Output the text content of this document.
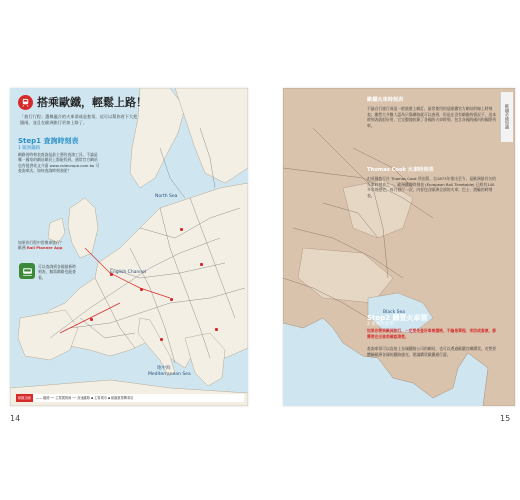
搭乘歐鐵，輕鬆上路！
「旅行行程」選擇適合的火車票或是套票，這可以幫你省下大把銀兩，並且在歐洲旅行更加上路了。
Step1 查詢時刻表
1 歐洲鐵路
網路的時刻表查詢是最主要的查詢工具，不論是哪一國家的網站網頁上都能找到。通常官方網站也有提供英文介面 www.raileurope.com.tw 可查詢車次。如何查詢時刻表呢？
如果你行程中常換車旅行？
歐洲 Rail Planner App
可以查詢到各國最新時刻表，無需網路也能查看。
English Channel
North Sea
地中海
Mediterranean Sea
歐鐵全圖 —— 鐵路 ── 主要國際線 ── 高速鐵路 ▪ 主要城市 ▪ 歐鐵重要轉乘站
14
歐鐵必備知識
歐鐵火車時刻表
不論自行旅行或是一般旅遊上網訂，最常使用的是歐鐵官方網站的線上時刻表。雖然大多數人認為只靠網路就可以查到，但是在沒有網路的情況下，這本時刻表就很好用，它完整地收錄了各國的火車時刻，包含各國的國內和國際列車。
Thomas Cook 火車時刻表
由英國旅行社 Thomas Cook 所出版，自1873年推出至今，是歐洲最有名的火車時刻表之一。歐洲鐵路時刻表 (European Rail Timetable) 已經有140多年的歷史，每月發行一次，內容包含歐洲全部的火車、巴士、渡輪的時刻表。
Step2 購買火車票
2 查詢火車票
如果你要到歐洲旅行，一定要先查好車票價格，不論是單程、來回或套票，都需要在出發前確認清楚。
查詢車票可以直接上各國鐵路公司的網站，也可以透過歐鐵官網購買。若想要體驗歐洲各國的鐵路風光，建議購買歐鐵通行證。
Black Sea
15
